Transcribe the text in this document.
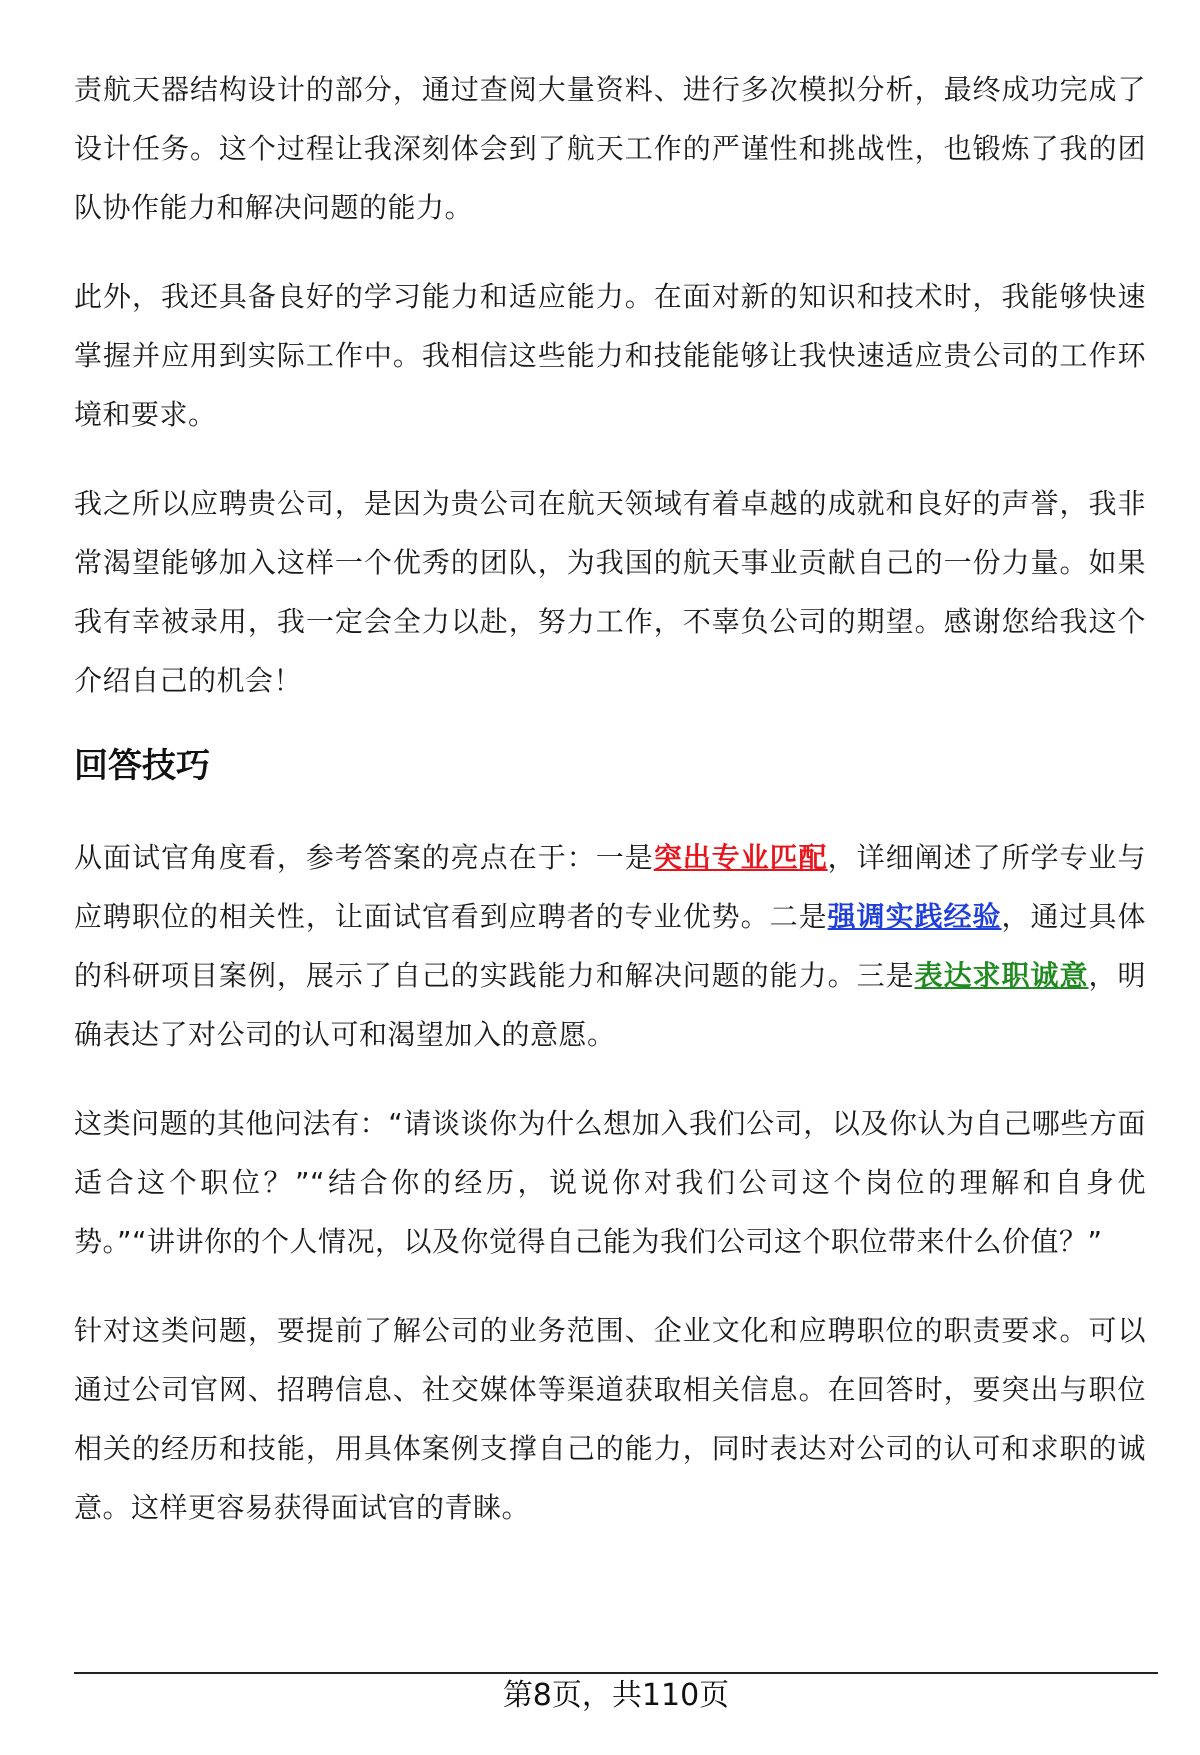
责航天器结构设计的部分，通过查阅大量资料、进行多次模拟分析，最终成功完成了设计任务。这个过程让我深刻体会到了航天工作的严谨性和挑战性，也锻炼了我的团队协作能力和解决问题的能力。

此外，我还具备良好的学习能力和适应能力。在面对新的知识和技术时，我能够快速掌握并应用到实际工作中。我相信这些能力和技能能够让我快速适应贵公司的工作环境和要求。

我之所以应聘贵公司，是因为贵公司在航天领域有着卓越的成就和良好的声誉，我非常渴望能够加入这样一个优秀的团队，为我国的航天事业贡献自己的一份力量。如果我有幸被录用，我一定会全力以赴，努力工作，不辜负公司的期望。感谢您给我这个介绍自己的机会！

回答技巧

从面试官角度看，参考答案的亮点在于：一是突出专业匹配，详细阐述了所学专业与应聘职位的相关性，让面试官看到应聘者的专业优势。二是强调实践经验，通过具体的科研项目案例，展示了自己的实践能力和解决问题的能力。三是表达求职诚意，明确表达了对公司的认可和渴望加入的意愿。

这类问题的其他问法有：“请谈谈你为什么想加入我们公司，以及你认为自己哪些方面适合这个职位？”“结合你的经历，说说你对我们公司这个岗位的理解和自身优势。”“讲讲你的个人情况，以及你觉得自己能为我们公司这个职位带来什么价值？”

针对这类问题，要提前了解公司的业务范围、企业文化和应聘职位的职责要求。可以通过公司官网、招聘信息、社交媒体等渠道获取相关信息。在回答时，要突出与职位相关的经历和技能，用具体案例支撑自己的能力，同时表达对公司的认可和求职的诚意。这样更容易获得面试官的青睐。

第8页，共110页
